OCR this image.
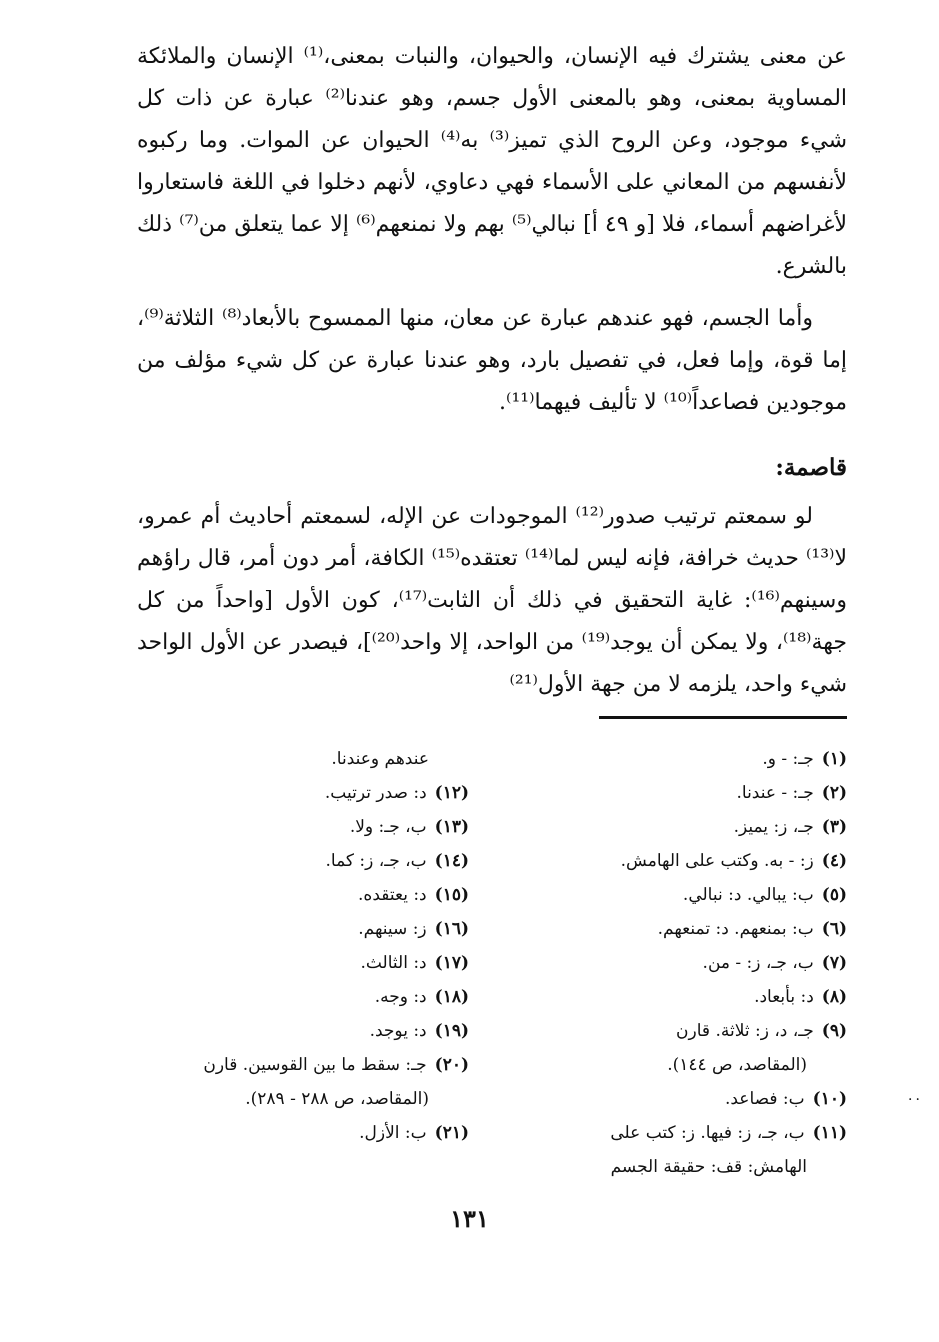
عن معنى يشترك فيه الإنسان، والحيوان، والنبات بمعنى،⁽¹⁾ الإنسان والملائكة المساوية بمعنى، وهو بالمعنى الأول جسم، وهو عندنا⁽²⁾ عبارة عن ذات كل شيء موجود، وعن الروح الذي تميز⁽³⁾ به⁽⁴⁾ الحيوان عن الموات. وما ركبوه لأنفسهم من المعاني على الأسماء فهي دعاوي، لأنهم دخلوا في اللغة فاستعاروا لأغراضهم أسماء، فلا [و ٤٩ أ] نبالي⁽⁵⁾ بهم ولا نمنعهم⁽⁶⁾ إلا عما يتعلق من⁽⁷⁾ ذلك بالشرع.

وأما الجسم، فهو عندهم عبارة عن معان، منها الممسوح بالأبعاد⁽⁸⁾ الثلاثة⁽⁹⁾، إما قوة، وإما فعل، في تفصيل بارد، وهو عندنا عبارة عن كل شيء مؤلف من موجودين فصاعداً⁽¹⁰⁾ لا تأليف فيهما⁽¹¹⁾.

قاصمة:

لو سمعتم ترتيب صدور⁽¹²⁾ الموجودات عن الإله، لسمعتم أحاديث أم عمرو، لا⁽¹³⁾ حديث خرافة، فإنه ليس لما⁽¹⁴⁾ تعتقده⁽¹⁵⁾ الكافة، أمر دون أمر، قال راؤهم وسينهم⁽¹⁶⁾: غاية التحقيق في ذلك أن الثابت⁽¹⁷⁾، كون الأول [واحداً من كل جهة⁽¹⁸⁾، ولا يمكن أن يوجد⁽¹⁹⁾ من الواحد، إلا واحد⁽²⁰⁾]، فيصدر عن الأول الواحد شيء واحد، يلزمه لا من جهة الأول⁽²¹⁾

(١)جـ: - و.

(٢)جـ: - عندنا.

(٣)جـ، ز: يميز.

(٤)ز: - به. وكتب على الهامش.

(٥)ب: يبالي. د: نبالي.

(٦)ب: بمنعهم. د: تمنعهم.

(٧)ب، جـ، ز: - من.

(٨)د: بأبعاد.

(٩)جـ، د، ز: ثلاثة. قارن

(المقاصد، ص ١٤٤).

(١٠)ب: فصاعد.

(١١)ب، جـ، ز: فيها. ز: كتب على

الهامش: قف: حقيقة الجسم

عندهم وعندنا.

(١٢)د: صدر ترتيب.

(١٣)ب، جـ: ولا.

(١٤)ب، جـ، ز: كما.

(١٥)د: يعتقده.

(١٦)ز: سينهم.

(١٧)د: الثالث.

(١٨)د: وجه.

(١٩)د: يوجد.

(٢٠)جـ: سقط ما بين القوسين. قارن

(المقاصد، ص ٢٨٨ - ٢٨٩).

(٢١)ب: الأزل.

١٣١
··
